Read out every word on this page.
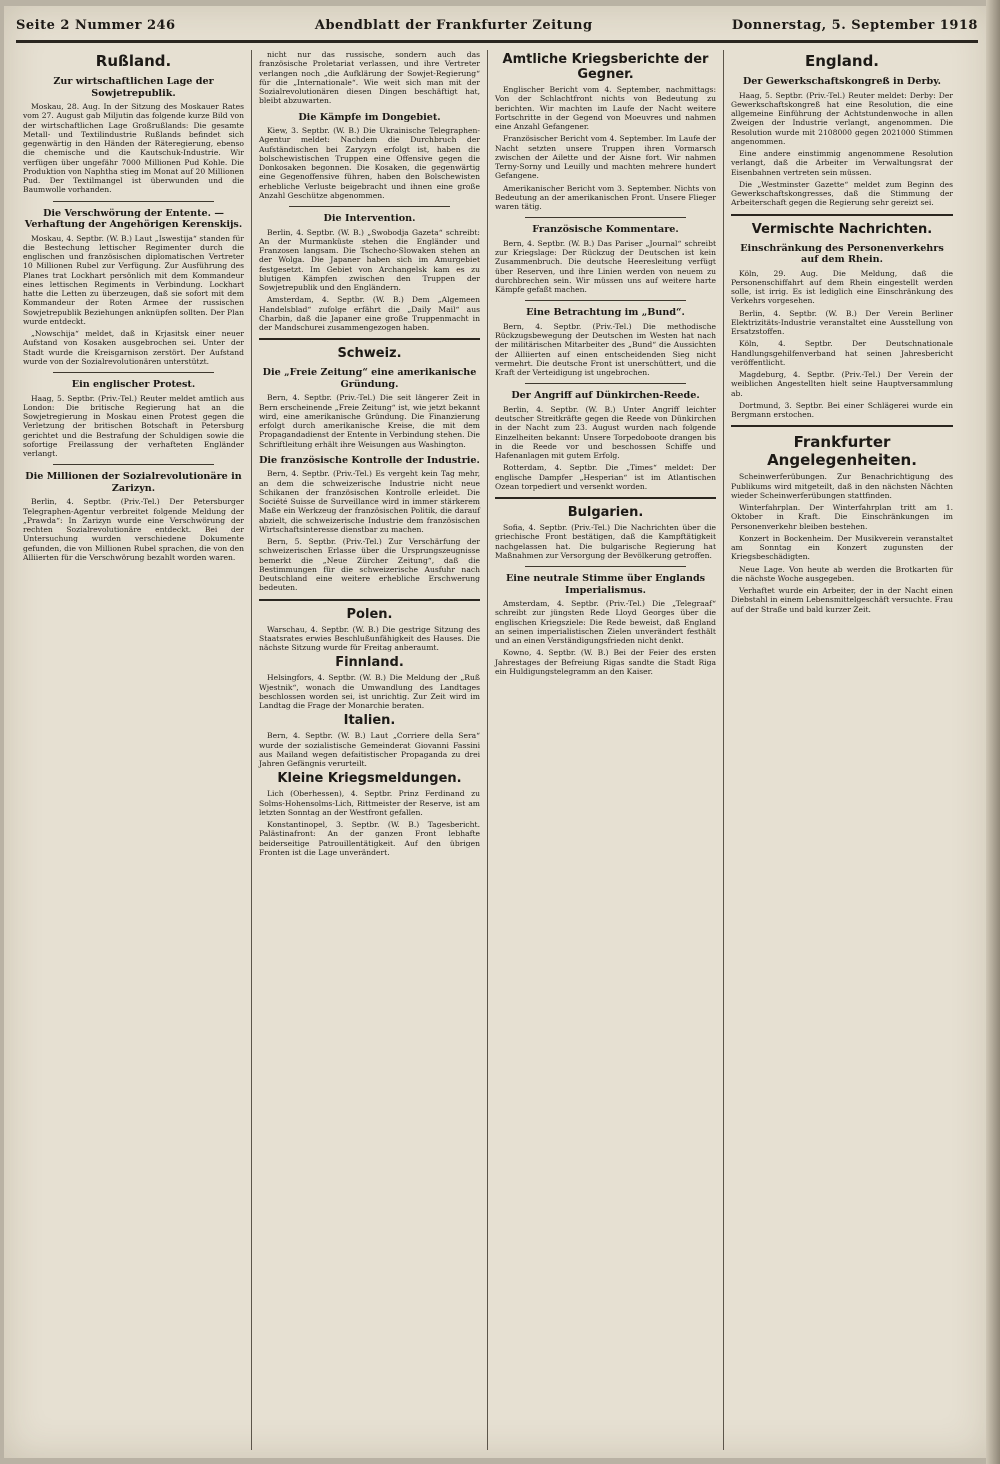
Seite 2 Nummer 246	Abendblatt der Frankfurter Zeitung	Donnerstag, 5. September 1918
Rußland.
Zur wirtschaftlichen Lage der Sowjetrepublik.

Moskau, 28. Aug. In der Sitzung des Moskauer Rates vom 27. August gab Miljutin das folgende kurze Bild von der wirtschaftlichen Lage Großrußlands: Die gesamte Metall- und Textilindustrie Rußlands befindet sich gegenwärtig in den Händen der Räteregierung, ebenso die chemische und die Kautschuk-Industrie. Wir verfügen über ungefähr 7000 Millionen Pud Kohle. Die Produktion von Naphtha stieg im Monat auf 20 Millionen Pud. Der Textilmangel ist überwunden und die Baumwolle vorhanden.

Die Verschwörung der Entente. — Verhaftung der Angehörigen Kerenskijs.

Moskau, 4. Septbr. (W. B.) Laut „Iswestija“ standen für die Bestechung lettischer Regimenter durch die englischen und französischen diplomatischen Vertreter 10 Millionen Rubel zur Verfügung. Zur Ausführung des Planes trat Lockhart persönlich mit dem Kommandeur eines lettischen Regiments in Verbindung. Lockhart hatte die Letten zu überzeugen, daß sie sofort mit dem Kommandeur der Roten Armee der russischen Sowjetrepublik Beziehungen anknüpfen sollten. Der Plan wurde entdeckt.

„Nowschija“ meldet, daß in Krjasitsk einer neuer Aufstand von Kosaken ausgebrochen sei. Unter der Stadt wurde die Kreisgarnison zerstört. Der Aufstand wurde von der Sozialrevolutionären unterstützt.

Ein englischer Protest.

Haag, 5. Septbr. (Priv.-Tel.) Reuter meldet amtlich aus London: Die britische Regierung hat an die Sowjetregierung in Moskau einen Protest gegen die Verletzung der britischen Botschaft in Petersburg gerichtet und die Bestrafung der Schuldigen sowie die sofortige Freilassung der verhafteten Engländer verlangt.

Die Millionen der Sozialrevolutionäre in Zarizyn.

Berlin, 4. Septbr. (Priv.-Tel.) Der Petersburger Telegraphen-Agentur verbreitet folgende Meldung der „Prawda“: In Zarizyn wurde eine Verschwörung der rechten Sozialrevolutionäre entdeckt. Bei der Untersuchung wurden verschiedene Dokumente gefunden, die von Millionen Rubel sprachen, die von den Alliierten für die Verschwörung bezahlt worden waren.

nicht nur das russische, sondern auch das französische Proletariat verlassen, und ihre Vertreter verlangen noch „die Aufklärung der Sowjet-Regierung“ für die „Internationale“. Wie weit sich man mit der Sozialrevolutionären diesen Dingen beschäftigt hat, bleibt abzuwarten.

Die Kämpfe im Dongebiet.

Kiew, 3. Septbr. (W. B.) Die Ukrainische Telegraphen-Agentur meldet: Nachdem die Durchbruch der Aufständischen bei Zaryzyn erfolgt ist, haben die bolschewistischen Truppen eine Offensive gegen die Donkosaken begonnen. Die Kosaken, die gegenwärtig eine Gegenoffensive führen, haben den Bolschewisten erhebliche Verluste beigebracht und ihnen eine große Anzahl Geschütze abgenommen.

Die Intervention.

Berlin, 4. Septbr. (W. B.) „Swobodja Gazeta“ schreibt: An der Murmanküste stehen die Engländer und Franzosen langsam. Die Tschecho-Slowaken stehen an der Wolga. Die Japaner haben sich im Amurgebiet festgesetzt. Im Gebiet von Archangelsk kam es zu blutigen Kämpfen zwischen den Truppen der Sowjetrepublik und den Engländern.

Amsterdam, 4. Septbr. (W. B.) Dem „Algemeen Handelsblad“ zufolge erfährt die „Daily Mail“ aus Charbin, daß die Japaner eine große Truppenmacht in der Mandschurei zusammengezogen haben.

Schweiz.
Die „Freie Zeitung“ eine amerikanische Gründung.

Bern, 4. Septbr. (Priv.-Tel.) Die seit längerer Zeit in Bern erscheinende „Freie Zeitung“ ist, wie jetzt bekannt wird, eine amerikanische Gründung. Die Finanzierung erfolgt durch amerikanische Kreise, die mit dem Propagandadienst der Entente in Verbindung stehen. Die Schriftleitung erhält ihre Weisungen aus Washington.

Die französische Kontrolle der Industrie.

Bern, 4. Septbr. (Priv.-Tel.) Es vergeht kein Tag mehr, an dem die schweizerische Industrie nicht neue Schikanen der französischen Kontrolle erleidet. Die Société Suisse de Surveillance wird in immer stärkerem Maße ein Werkzeug der französischen Politik, die darauf abzielt, die schweizerische Industrie dem französischen Wirtschaftsinteresse dienstbar zu machen.

Bern, 5. Septbr. (Priv.-Tel.) Zur Verschärfung der schweizerischen Erlasse über die Ursprungszeugnisse bemerkt die „Neue Zürcher Zeitung“, daß die Bestimmungen für die schweizerische Ausfuhr nach Deutschland eine weitere erhebliche Erschwerung bedeuten.

Polen.

Warschau, 4. Septbr. (W. B.) Die gestrige Sitzung des Staatsrates erwies Beschlußunfähigkeit des Hauses. Die nächste Sitzung wurde für Freitag anberaumt.

Finnland.

Helsingfors, 4. Septbr. (W. B.) Die Meldung der „Ruß Wjestnik“, wonach die Umwandlung des Landtages beschlossen worden sei, ist unrichtig. Zur Zeit wird im Landtag die Frage der Monarchie beraten.

Italien.

Bern, 4. Septbr. (W. B.) Laut „Corriere della Sera“ wurde der sozialistische Gemeinderat Giovanni Fassini aus Mailand wegen defaitistischer Propaganda zu drei Jahren Gefängnis verurteilt.

Kleine Kriegsmeldungen.

Lich (Oberhessen), 4. Septbr. Prinz Ferdinand zu Solms-Hohensolms-Lich, Rittmeister der Reserve, ist am letzten Sonntag an der Westfront gefallen.

Konstantinopel, 3. Septbr. (W. B.) Tagesbericht. Palästinafront: An der ganzen Front lebhafte beiderseitige Patrouillentätigkeit. Auf den übrigen Fronten ist die Lage unverändert.

Amtliche Kriegsberichte der Gegner.

Englischer Bericht vom 4. September, nachmittags: Von der Schlachtfront nichts von Bedeutung zu berichten. Wir machten im Laufe der Nacht weitere Fortschritte in der Gegend von Moeuvres und nahmen eine Anzahl Gefangener.

Französischer Bericht vom 4. September. Im Laufe der Nacht setzten unsere Truppen ihren Vormarsch zwischen der Ailette und der Aisne fort. Wir nahmen Terny-Sorny und Leuilly und machten mehrere hundert Gefangene.

Amerikanischer Bericht vom 3. September. Nichts von Bedeutung an der amerikanischen Front. Unsere Flieger waren tätig.

Französische Kommentare.

Bern, 4. Septbr. (W. B.) Das Pariser „Journal“ schreibt zur Kriegslage: Der Rückzug der Deutschen ist kein Zusammenbruch. Die deutsche Heeresleitung verfügt über Reserven, und ihre Linien werden von neuem zu durchbrechen sein. Wir müssen uns auf weitere harte Kämpfe gefaßt machen.

Eine Betrachtung im „Bund“.

Bern, 4. Septbr. (Priv.-Tel.) Die methodische Rückzugsbewegung der Deutschen im Westen hat nach der militärischen Mitarbeiter des „Bund“ die Aussichten der Alliierten auf einen entscheidenden Sieg nicht vermehrt. Die deutsche Front ist unerschüttert, und die Kraft der Verteidigung ist ungebrochen.

Der Angriff auf Dünkirchen-Reede.

Berlin, 4. Septbr. (W. B.) Unter Angriff leichter deutscher Streitkräfte gegen die Reede von Dünkirchen in der Nacht zum 23. August wurden nach folgende Einzelheiten bekannt: Unsere Torpedoboote drangen bis in die Reede vor und beschossen Schiffe und Hafenanlagen mit gutem Erfolg.

Rotterdam, 4. Septbr. Die „Times“ meldet: Der englische Dampfer „Hesperian“ ist im Atlantischen Ozean torpediert und versenkt worden.

Bulgarien.

Sofia, 4. Septbr. (Priv.-Tel.) Die Nachrichten über die griechische Front bestätigen, daß die Kampftätigkeit nachgelassen hat. Die bulgarische Regierung hat Maßnahmen zur Versorgung der Bevölkerung getroffen.

Eine neutrale Stimme über Englands Imperialismus.

Amsterdam, 4. Septbr. (Priv.-Tel.) Die „Telegraaf“ schreibt zur jüngsten Rede Lloyd Georges über die englischen Kriegsziele: Die Rede beweist, daß England an seinen imperialistischen Zielen unverändert festhält und an einen Verständigungsfrieden nicht denkt.

Kowno, 4. Septbr. (W. B.) Bei der Feier des ersten Jahrestages der Befreiung Rigas sandte die Stadt Riga ein Huldigungstelegramm an den Kaiser.

England.
Der Gewerkschaftskongreß in Derby.

Haag, 5. Septbr. (Priv.-Tel.) Reuter meldet: Derby: Der Gewerkschaftskongreß hat eine Resolution, die eine allgemeine Einführung der Achtstundenwoche in allen Zweigen der Industrie verlangt, angenommen. Die Resolution wurde mit 2108000 gegen 2021000 Stimmen angenommen.

Eine andere einstimmig angenommene Resolution verlangt, daß die Arbeiter im Verwaltungsrat der Eisenbahnen vertreten sein müssen.

Die „Westminster Gazette“ meldet zum Beginn des Gewerkschaftskongresses, daß die Stimmung der Arbeiterschaft gegen die Regierung sehr gereizt sei.

Vermischte Nachrichten.
Einschränkung des Personenverkehrs auf dem Rhein.

Köln, 29. Aug. Die Meldung, daß die Personenschiffahrt auf dem Rhein eingestellt werden solle, ist irrig. Es ist lediglich eine Einschränkung des Verkehrs vorgesehen.

Berlin, 4. Septbr. (W. B.) Der Verein Berliner Elektrizitäts-Industrie veranstaltet eine Ausstellung von Ersatzstoffen.

Köln, 4. Septbr. Der Deutschnationale Handlungsgehilfenverband hat seinen Jahresbericht veröffentlicht.

Magdeburg, 4. Septbr. (Priv.-Tel.) Der Verein der weiblichen Angestellten hielt seine Hauptversammlung ab.

Dortmund, 3. Septbr. Bei einer Schlägerei wurde ein Bergmann erstochen.

Frankfurter Angelegenheiten.

Scheinwerferübungen. Zur Benachrichtigung des Publikums wird mitgeteilt, daß in den nächsten Nächten wieder Scheinwerferübungen stattfinden.

Winterfahrplan. Der Winterfahrplan tritt am 1. Oktober in Kraft. Die Einschränkungen im Personenverkehr bleiben bestehen.

Konzert in Bockenheim. Der Musikverein veranstaltet am Sonntag ein Konzert zugunsten der Kriegsbeschädigten.

Neue Lage. Von heute ab werden die Brotkarten für die nächste Woche ausgegeben.

Verhaftet wurde ein Arbeiter, der in der Nacht einen Diebstahl in einem Lebensmittelgeschäft versuchte. Frau auf der Straße und bald kurzer Zeit.
